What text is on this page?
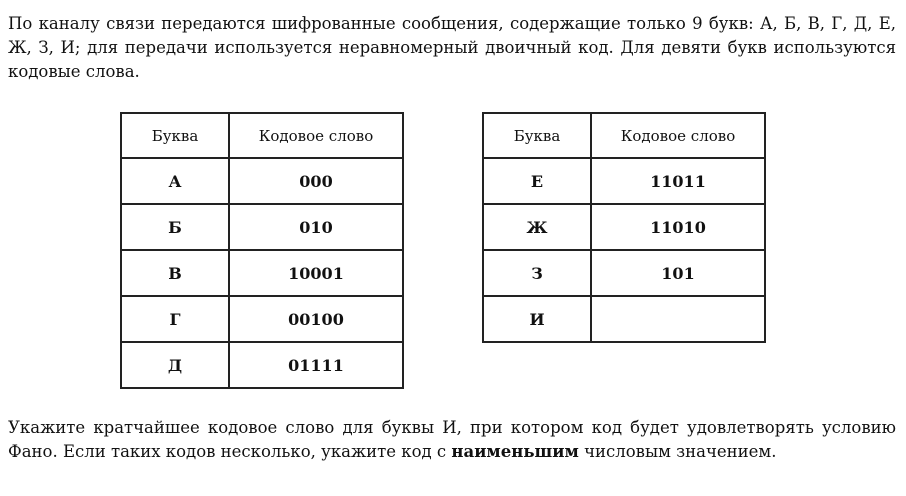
По каналу связи передаются шифрованные сообщения, содержащие только 9 букв: А, Б, В, Г, Д, Е, Ж, З, И; для передачи используется неравномерный двоичный код. Для девяти букв используются кодовые слова.

Буква	Кодовое слово
А	000
Б	010
В	10001
Г	00100
Д	01111
Буква	Кодовое слово
Е	11011
Ж	11010
З	101
И	

Укажите кратчайшее кодовое слово для буквы И, при котором код будет удовлетворять условию Фано. Если таких кодов несколько, укажите код с наименьшим числовым значением.
